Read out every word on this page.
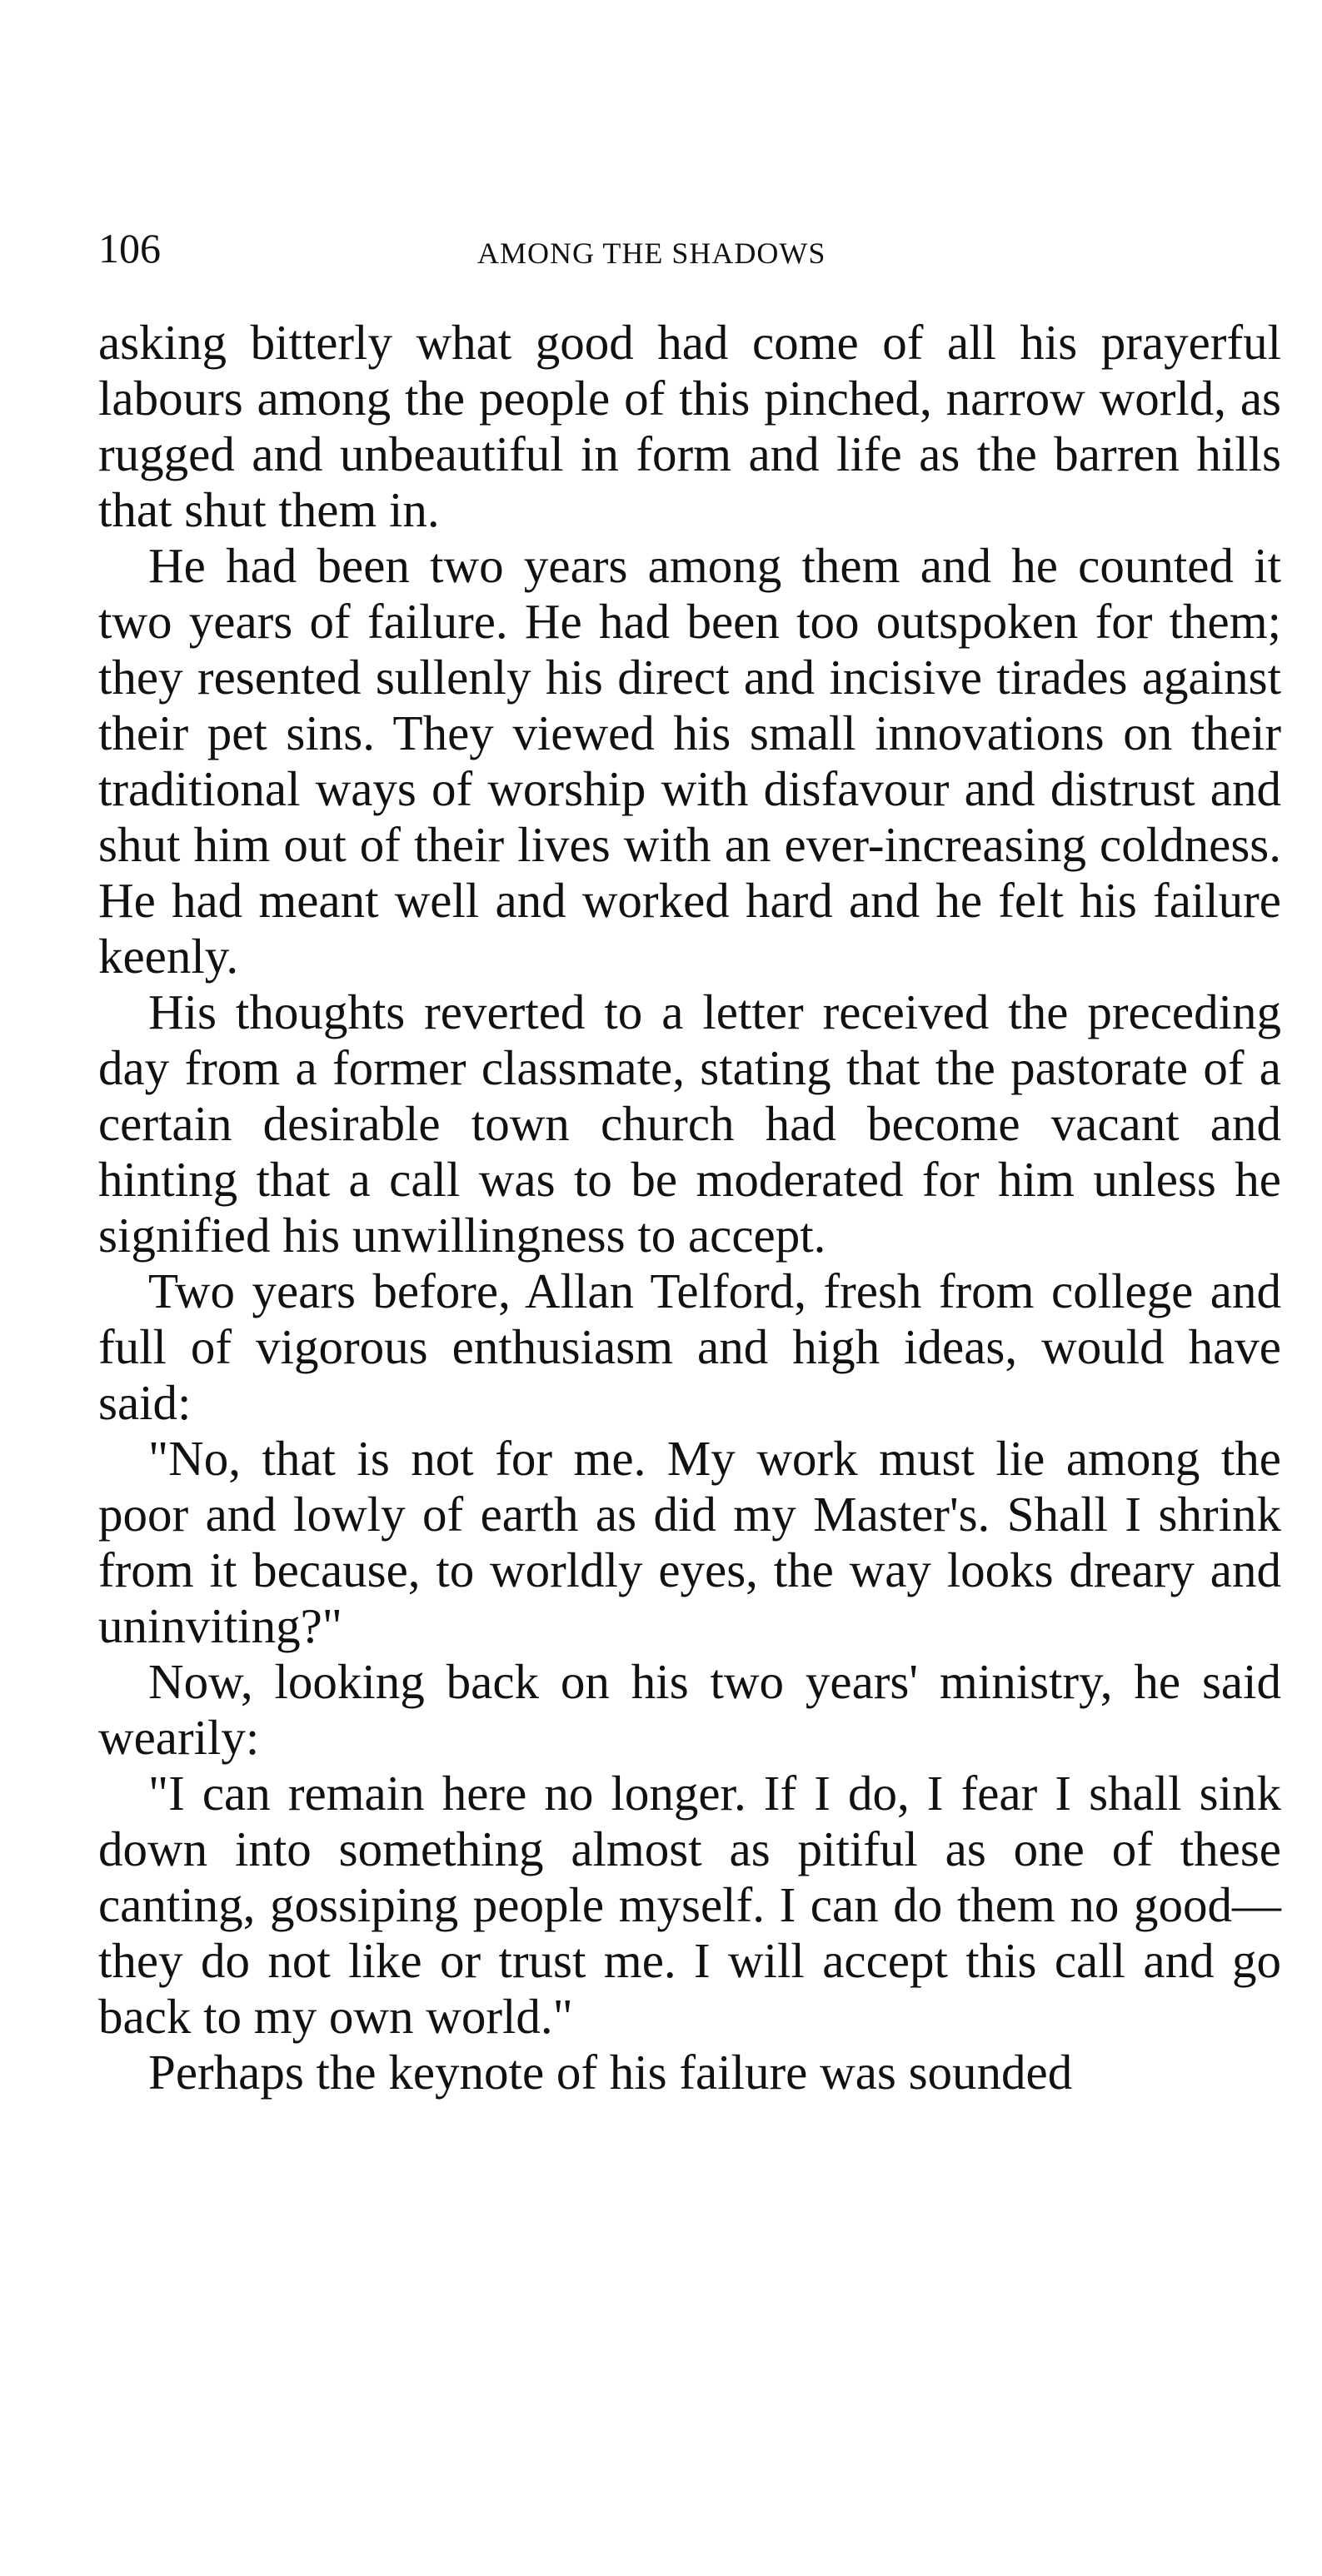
106	AMONG THE SHADOWS

asking bitterly what good had come of all his prayerful labours among the people of this pinched, narrow world, as rugged and unbeautiful in form and life as the barren hills that shut them in.

He had been two years among them and he counted it two years of failure. He had been too outspoken for them; they resented sullenly his direct and incisive tirades against their pet sins. They viewed his small innovations on their traditional ways of worship with disfavour and distrust and shut him out of their lives with an ever-increasing coldness. He had meant well and worked hard and he felt his failure keenly.

His thoughts reverted to a letter received the preceding day from a former classmate, stating that the pastorate of a certain desirable town church had become vacant and hinting that a call was to be moderated for him unless he signified his unwillingness to accept.

Two years before, Allan Telford, fresh from college and full of vigorous enthusiasm and high ideas, would have said:

"No, that is not for me. My work must lie among the poor and lowly of earth as did my Master's. Shall I shrink from it because, to worldly eyes, the way looks dreary and uninviting?"

Now, looking back on his two years' ministry, he said wearily:

"I can remain here no longer. If I do, I fear I shall sink down into something almost as pitiful as one of these canting, gossiping people myself. I can do them no good—they do not like or trust me. I will accept this call and go back to my own world."

Perhaps the keynote of his failure was sounded
